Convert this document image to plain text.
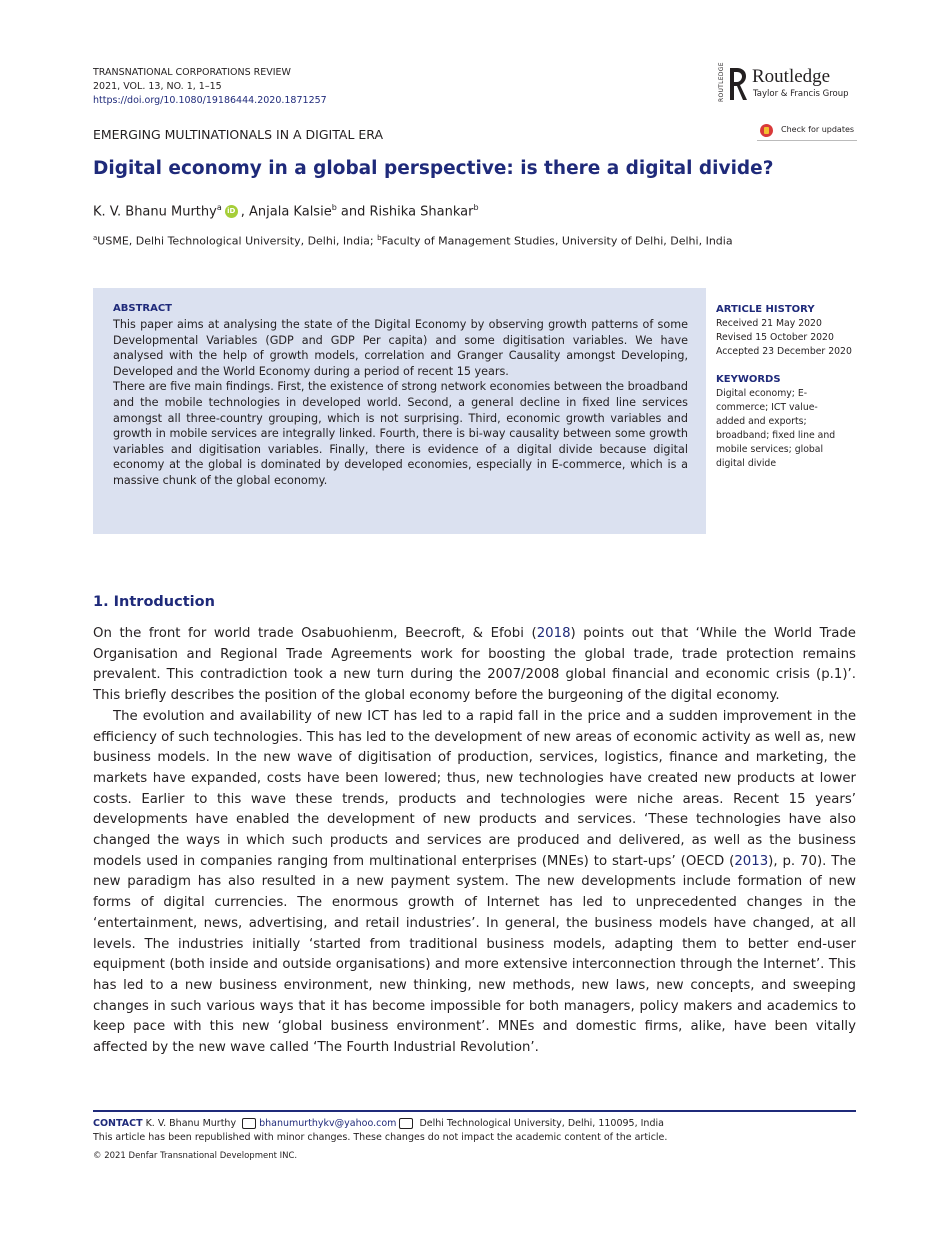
TRANSNATIONAL CORPORATIONS REVIEW
2021, VOL. 13, NO. 1, 1–15
https://doi.org/10.1080/19186444.2020.1871257	ROUTLEDGE Routledge
Taylor & Francis Group
EMERGING MULTINATIONALS IN A DIGITAL ERA	Check for updates
Digital economy in a global perspective: is there a digital divide?
K. V. Bhanu Murthy$^a$ iD , Anjala Kalsie$^b$ and Rishika Shankar$^b$
$^a$USME, Delhi Technological University, Delhi, India; $^b$Faculty of Management Studies, University of Delhi, Delhi, India
ABSTRACT

This paper aims at analysing the state of the Digital Economy by observing growth patterns of some Developmental Variables (GDP and GDP Per capita) and some digitisation variables. We have analysed with the help of growth models, correlation and Granger Causality amongst Developing, Developed and the World Economy during a period of recent 15 years.

There are five main findings. First, the existence of strong network economies between the broadband and the mobile technologies in developed world. Second, a general decline in fixed line services amongst all three-country grouping, which is not surprising. Third, economic growth variables and growth in mobile services are integrally linked. Fourth, there is bi-way causality between some growth variables and digitisation variables. Finally, there is evidence of a digital divide because digital economy at the global is dominated by developed economies, especially in E-commerce, which is a massive chunk of the global economy.

ARTICLE HISTORY
Received 21 May 2020
Revised 15 October 2020
Accepted 23 December 2020
KEYWORDS
Digital economy; E-commerce; ICT value-added and exports; broadband; fixed line and mobile services; global digital divide
1. Introduction

On the front for world trade Osabuohienm, Beecroft, & Efobi (2018) points out that ‘While the World Trade Organisation and Regional Trade Agreements work for boosting the global trade, trade protection remains prevalent. This contradiction took a new turn during the 2007/2008 global financial and economic crisis (p.1)’. This briefly describes the position of the global economy before the burgeoning of the digital economy.

The evolution and availability of new ICT has led to a rapid fall in the price and a sudden improvement in the efficiency of such technologies. This has led to the development of new areas of economic activity as well as, new business models. In the new wave of digitisation of production, services, logistics, finance and marketing, the markets have expanded, costs have been lowered; thus, new technologies have created new products at lower costs. Earlier to this wave these trends, products and technologies were niche areas. Recent 15 years’ developments have enabled the development of new products and services. ‘These technologies have also changed the ways in which such products and services are produced and delivered, as well as the business models used in companies ranging from multinational enterprises (MNEs) to start-ups’ (OECD (2013), p. 70). The new paradigm has also resulted in a new payment system. The new developments include formation of new forms of digital currencies. The enormous growth of Internet has led to unprecedented changes in the ‘entertainment, news, advertising, and retail industries’. In general, the business models have changed, at all levels. The industries initially ‘started from traditional business models, adapting them to better end-user equipment (both inside and outside organisations) and more extensive interconnection through the Internet’. This has led to a new business environment, new thinking, new methods, new laws, new concepts, and sweeping changes in such various ways that it has become impossible for both managers, policy makers and academics to keep pace with this new ‘global business environment’. MNEs and domestic firms, alike, have been vitally affected by the new wave called ‘The Fourth Industrial Revolution’.

CONTACT K. V. Bhanu Murthy bhanumurthykv@yahoo.com Delhi Technological University, Delhi, 110095, India
This article has been republished with minor changes. These changes do not impact the academic content of the article.
© 2021 Denfar Transnational Development INC.
